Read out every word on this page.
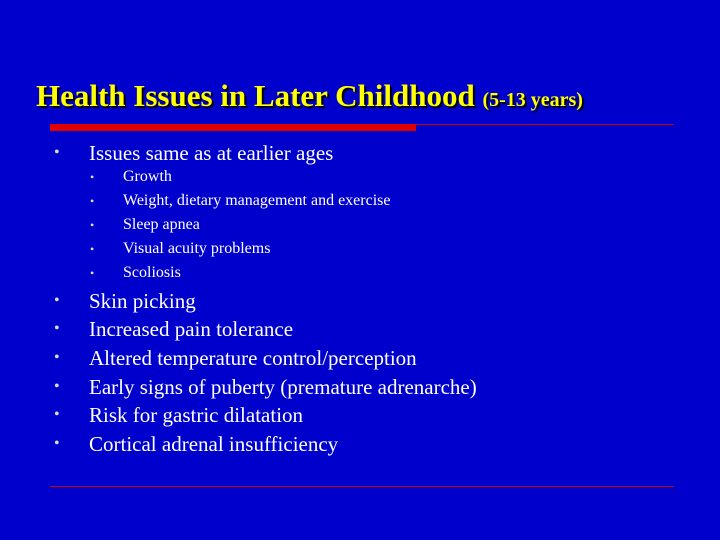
Health Issues in Later Childhood (5-13 years)
• Issues same as at earlier ages
• Growth
• Weight, dietary management and exercise
• Sleep apnea
• Visual acuity problems
• Scoliosis
• Skin picking
• Increased pain tolerance
• Altered temperature control/perception
• Early signs of puberty (premature adrenarche)
• Risk for gastric dilatation
• Cortical adrenal insufficiency
